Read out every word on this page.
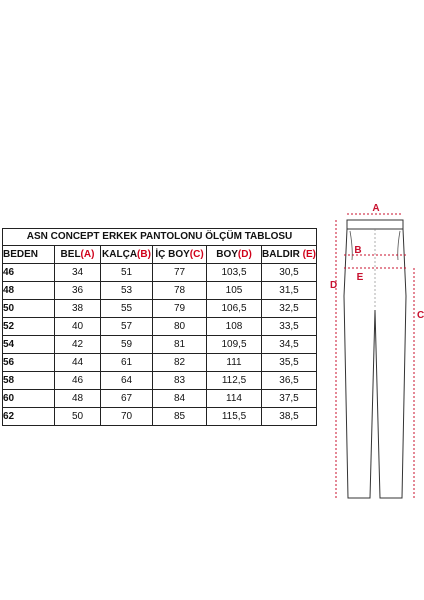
ASN CONCEPT ERKEK PANTOLONU ÖLÇÜM TABLOSU
BEDEN	BEL(A)	KALÇA(B)	İÇ BOY(C)	BOY(D)	BALDIR (E)
46	34	51	77	103,5	30,5
48	36	53	78	105	31,5
50	38	55	79	106,5	32,5
52	40	57	80	108	33,5
54	42	59	81	109,5	34,5
56	44	61	82	111	35,5
58	46	64	83	112,5	36,5
60	48	67	84	114	37,5
62	50	70	85	115,5	38,5
A
B
E
D
C
